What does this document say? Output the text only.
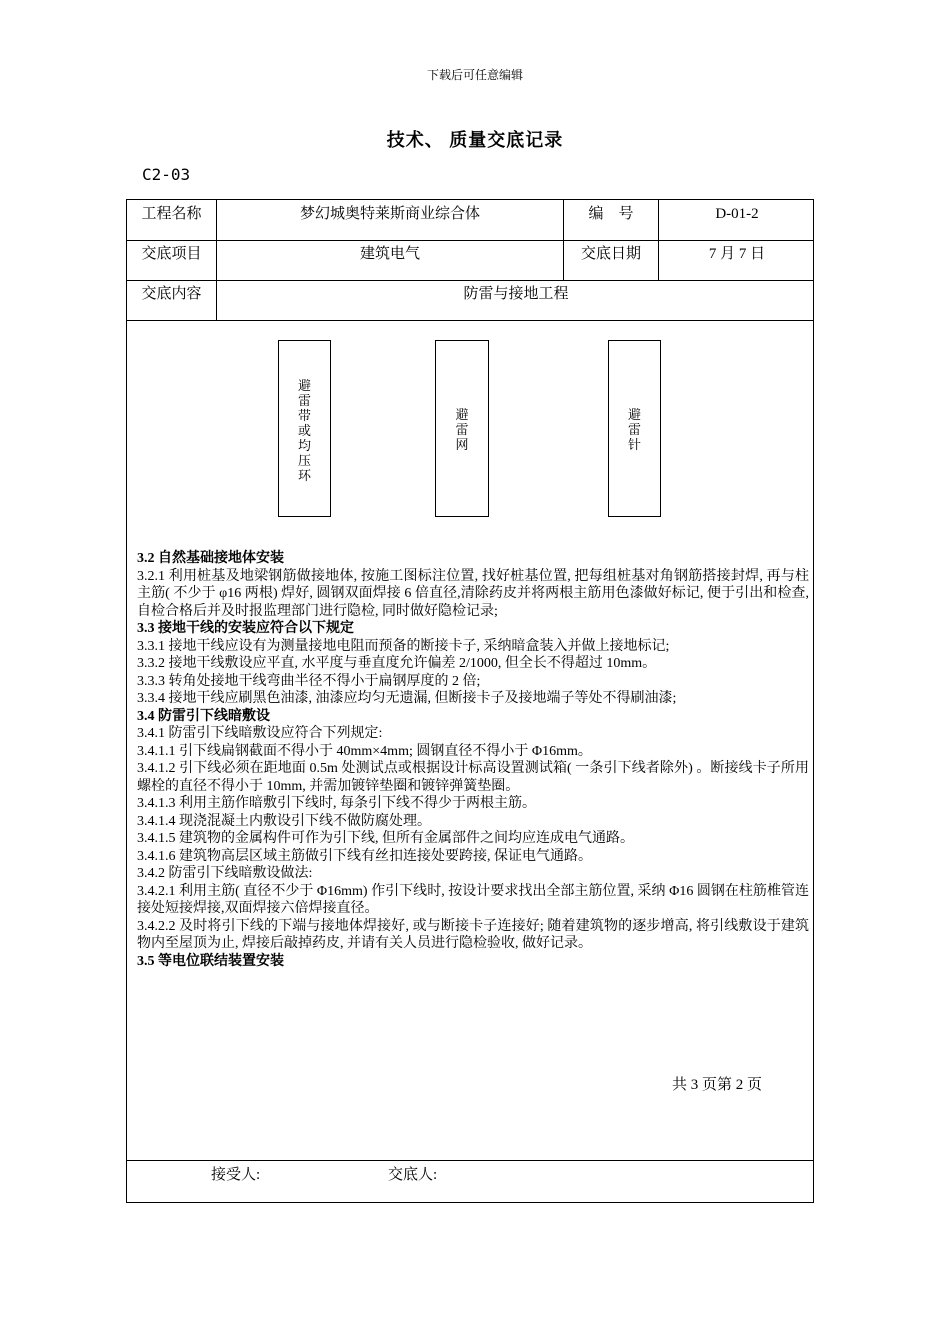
下载后可任意编辑
技术、 质量交底记录
C2-03
工程名称	梦幻城奥特莱斯商业综合体	编　号	D-01-2
交底项目	建筑电气	交底日期	7 月 7 日
交底内容	防雷与接地工程
避
雷
带
或
均
压
环
避
雷
网
避
雷
针

3.2 自然基础接地体安装

3.2.1 利用桩基及地梁钢筋做接地体, 按施工图标注位置, 找好桩基位置, 把每组桩基对角钢筋搭接封焊, 再与柱主筋( 不少于 φ16 两根) 焊好, 圆钢双面焊接 6 倍直径,清除药皮并将两根主筋用色漆做好标记, 便于引出和检查, 自检合格后并及时报监理部门进行隐检, 同时做好隐检记录;

3.3 接地干线的安装应符合以下规定

3.3.1 接地干线应设有为测量接地电阻而预备的断接卡子, 采纳暗盒装入并做上接地标记;

3.3.2 接地干线敷设应平直, 水平度与垂直度允许偏差 2/1000, 但全长不得超过 10mm。

3.3.3 转角处接地干线弯曲半径不得小于扁钢厚度的 2 倍;

3.3.4 接地干线应刷黑色油漆, 油漆应均匀无遗漏, 但断接卡子及接地端子等处不得刷油漆;

3.4 防雷引下线暗敷设

3.4.1 防雷引下线暗敷设应符合下列规定:

3.4.1.1 引下线扁钢截面不得小于 40mm×4mm; 圆钢直径不得小于 Φ16mm。

3.4.1.2 引下线必须在距地面 0.5m 处测试点或根据设计标高设置测试箱( 一条引下线者除外) 。断接线卡子所用螺栓的直径不得小于 10mm, 并需加镀锌垫圈和镀锌弹簧垫圈。

3.4.1.3 利用主筋作暗敷引下线时, 每条引下线不得少于两根主筋。

3.4.1.4 现浇混凝土内敷设引下线不做防腐处理。

3.4.1.5 建筑物的金属构件可作为引下线, 但所有金属部件之间均应连成电气通路。

3.4.1.6 建筑物高层区域主筋做引下线有丝扣连接处要跨接, 保证电气通路。

3.4.2 防雷引下线暗敷设做法:

3.4.2.1 利用主筋( 直径不少于 Φ16mm) 作引下线时, 按设计要求找出全部主筋位置, 采纳 Φ16 圆钢在柱筋椎管连接处短接焊接,双面焊接六倍焊接直径。

3.4.2.2 及时将引下线的下端与接地体焊接好, 或与断接卡子连接好; 随着建筑物的逐步增高, 将引线敷设于建筑物内至屋顶为止, 焊接后敲掉药皮, 并请有关人员进行隐检验收, 做好记录。

3.5 等电位联结装置安装

共 3 页第 2 页
接受人:	交底人:
